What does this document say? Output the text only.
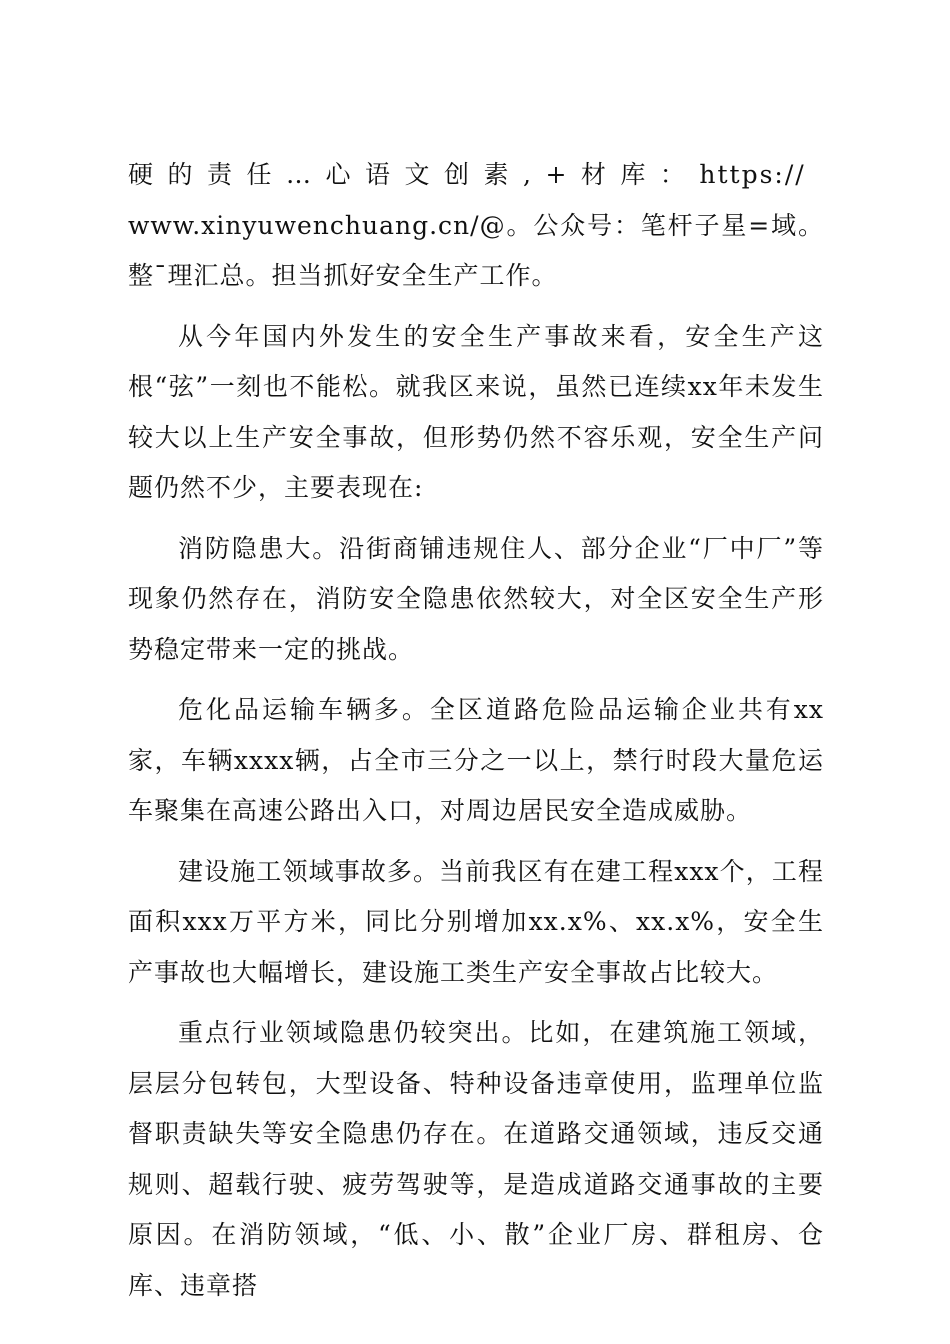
硬的责任…心语文创素,+材库：https://
www.xinyuwenchuang.cn/@。公众号：笔杆子星=域。整¯理汇总。担当抓好安全生产工作。

从今年国内外发生的安全生产事故来看，安全生产这根“弦”一刻也不能松。就我区来说，虽然已连续xx年未发生较大以上生产安全事故，但形势仍然不容乐观，安全生产问题仍然不少，主要表现在:

消防隐患大。沿街商铺违规住人、部分企业“厂中厂”等现象仍然存在，消防安全隐患依然较大，对全区安全生产形势稳定带来一定的挑战。

危化品运输车辆多。全区道路危险品运输企业共有xx家，车辆xxxx辆，占全市三分之一以上，禁行时段大量危运车聚集在高速公路出入口，对周边居民安全造成威胁。

建设施工领域事故多。当前我区有在建工程xxx个，工程面积xxx万平方米，同比分别增加xx.x%、xx.x%，安全生产事故也大幅增长，建设施工类生产安全事故占比较大。

重点行业领域隐患仍较突出。比如，在建筑施工领域，层层分包转包，大型设备、特种设备违章使用，监理单位监督职责缺失等安全隐患仍存在。在道路交通领域，违反交通规则、超载行驶、疲劳驾驶等，是造成道路交通事故的主要原因。在消防领域，“低、小、散”企业厂房、群租房、仓库、违章搭
